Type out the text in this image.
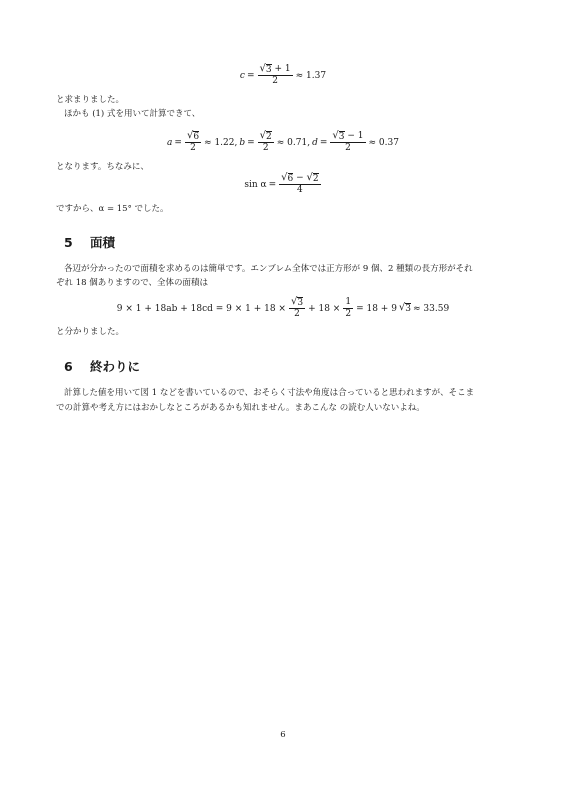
$c = \frac{√ 3 + 1}{2} \approx 1.37$
と求まりました。
ほかも (1) 式を用いて計算できて、
$a = \frac{√ 6}{2} \approx 1.22$, $b = \frac{√ 2}{2} \approx 0.71$, $d = \frac{√ 3 - 1}{2} \approx 0.37$
となります。ちなみに、
$\sin \alpha = \frac{√ 6 - √ 2}{4}$
ですから、α = 15° でした。
5 面積
各辺が分かったので面積を求めるのは簡単です。エンブレム全体では正方形が 9 個、2 種類の長方形がそれ
ぞれ 18 個ありますので、全体の面積は
$9 \times 1 + 18ab + 18cd = 9 \times 1 + 18 \times \frac{√ 3}{2} + 18 \times \frac{1}{2} = 18 + 9$ √ 3 ≈ 33.59
と分かりました。
6 終わりに
計算した値を用いて図 1 などを書いているので、おそらく寸法や角度は合っていると思われますが、そこま
での計算や考え方にはおかしなところがあるかも知れません。まあこんな の読む人いないよね。
6
